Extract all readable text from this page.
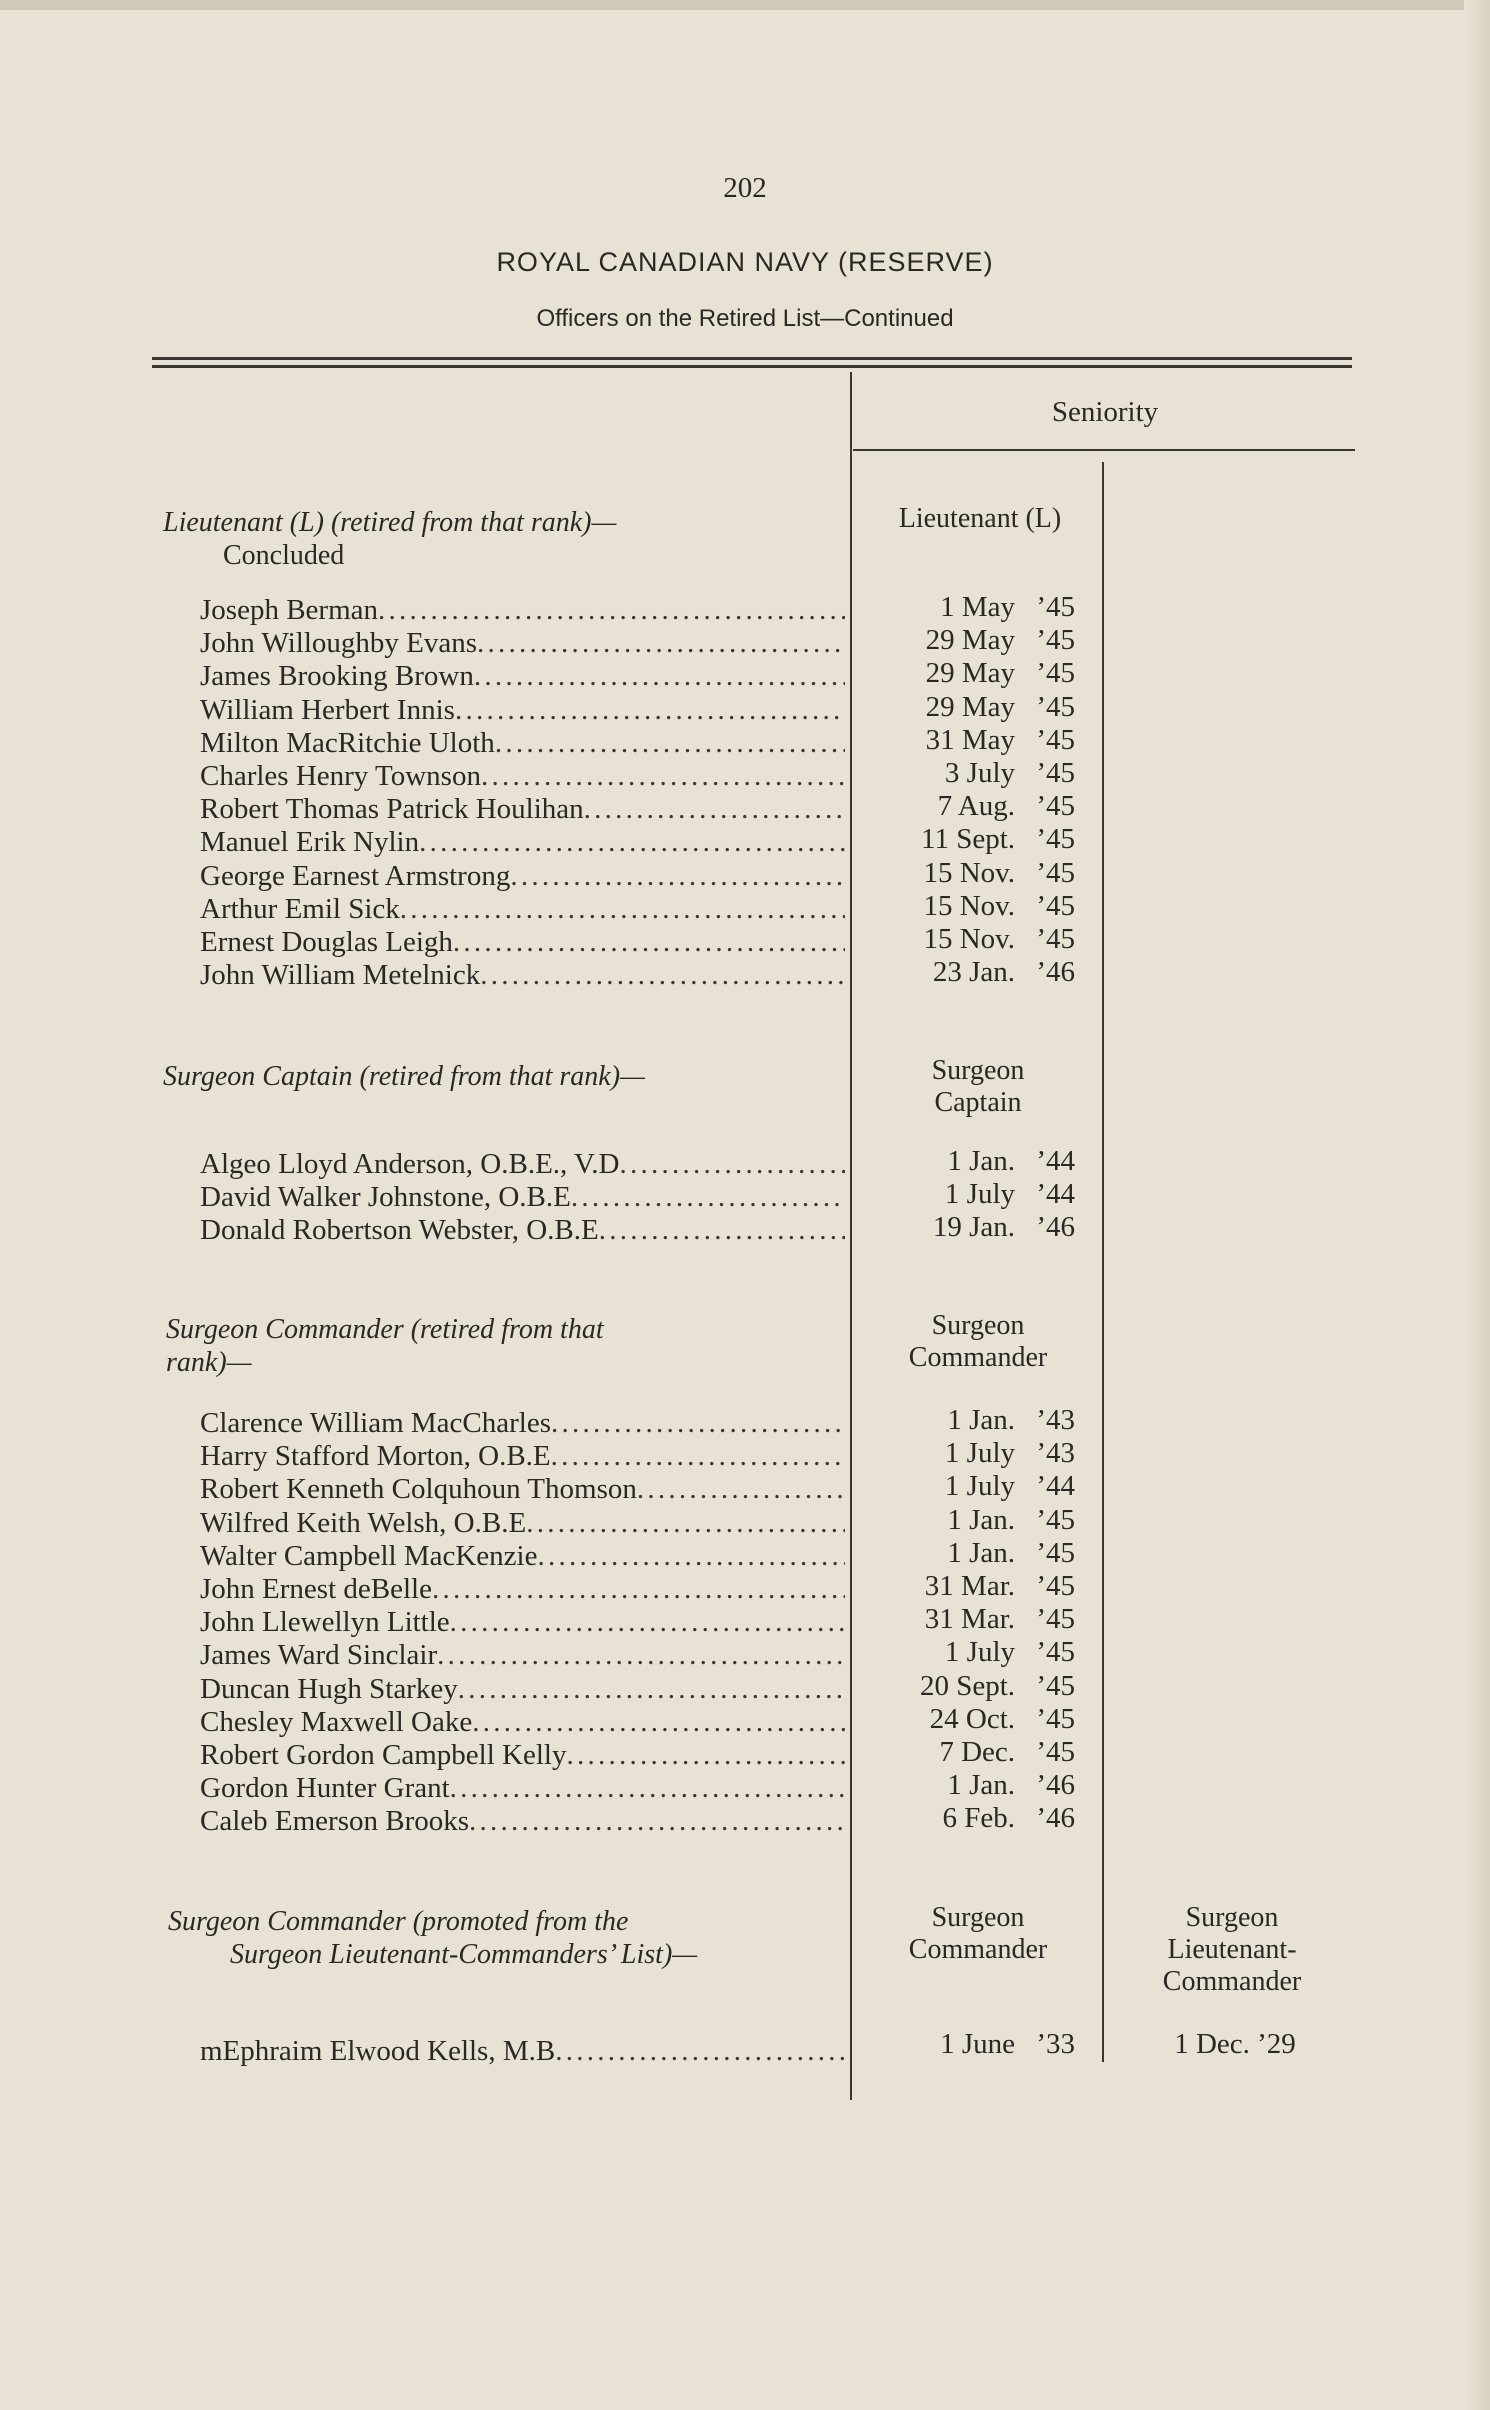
202
ROYAL CANADIAN NAVY (RESERVE)
Officers on the Retired List—Continued
Seniority
Lieutenant (L) (retired from that rank)—
Concluded
Lieutenant (L)
Joseph Berman
. . .
John Willoughby Evans
. . .
James Brooking Brown
. . .
William Herbert Innis
. . .
Milton MacRitchie Uloth
. . .
Charles Henry Townson
. . .
Robert Thomas Patrick Houlihan
. . .
Manuel Erik Nylin
. . .
George Earnest Armstrong
. . .
Arthur Emil Sick
. . .
Ernest Douglas Leigh
. . .
John William Metelnick
. . .
1 May ’45
29 May ’45
29 May ’45
29 May ’45
31 May ’45
3 July ’45
7 Aug. ’45
11 Sept. ’45
15 Nov. ’45
15 Nov. ’45
15 Nov. ’45
23 Jan. ’46
Surgeon Captain (retired from that rank)—	Surgeon
Captain
Algeo Lloyd Anderson, O.B.E., V.D
. . .
David Walker Johnstone, O.B.E
. . .
Donald Robertson Webster, O.B.E
. . .
1 Jan. ’44
1 July ’44
19 Jan. ’46
Surgeon Commander (retired from that
rank)—
Surgeon
Commander
Clarence William MacCharles
. . .
Harry Stafford Morton, O.B.E
. . .
Robert Kenneth Colquhoun Thomson
. . .
Wilfred Keith Welsh, O.B.E
. . .
Walter Campbell MacKenzie
. . .
John Ernest deBelle
. . .
John Llewellyn Little
. . .
James Ward Sinclair
. . .
Duncan Hugh Starkey
. . .
Chesley Maxwell Oake
. . .
Robert Gordon Campbell Kelly
. . .
Gordon Hunter Grant
. . .
Caleb Emerson Brooks
. . .
1 Jan. ’43
1 July ’43
1 July ’44
1 Jan. ’45
1 Jan. ’45
31 Mar. ’45
31 Mar. ’45
1 July ’45
20 Sept. ’45
24 Oct. ’45
7 Dec. ’45
1 Jan. ’46
6 Feb. ’46
Surgeon Commander (promoted from the
Surgeon Lieutenant-Commanders’ List)—
Surgeon
Commander
Surgeon
Lieutenant-
Commander
mEphraim Elwood Kells, M.B
. . .	1 June ’33	1 Dec. ’29
